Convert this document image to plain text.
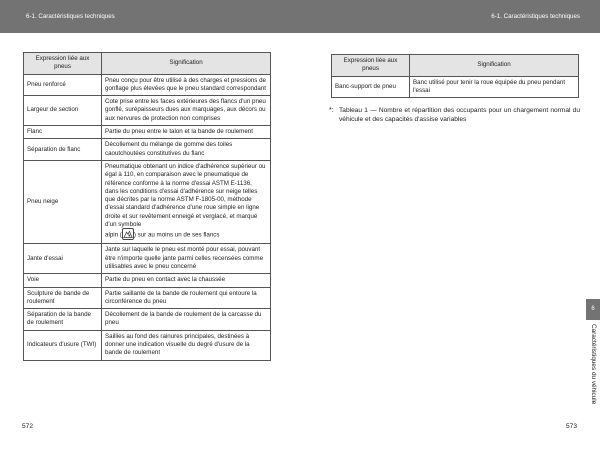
6-1. Caractéristiques techniques
Expression liée aux pneus	Signification
Pneu renforcé	Pneu conçu pour être utilisé à des charges et pressions de gonflage plus élevées que le pneu standard correspondant
Largeur de section	Cote prise entre les faces extérieures des flancs d'un pneu gonflé, surépaisseurs dues aux marquages, aux décors ou aux nervures de protection non comprises
Flanc	Partie du pneu entre le talon et la bande de roulement
Séparation de flanc	Décollement du mélange de gomme des toiles caoutchoutées constitutives du flanc
Pneu neige	Pneumatique obtenant un indice d'adhérence supérieur ou égal à 110, en comparaison avec le pneumatique de référence conforme à la norme d'essai ASTM E-1136, dans les conditions d'essai d'adhérence sur neige telles que décrites par la norme ASTM F-1805-00, méthode d'essai standard d'adhérence d'une roue simple en ligne droite et sur revêtement enneigé et verglacé, et marqué d'un symbole
alpin ( ) sur au moins un de ses flancs
Jante d'essai	Jante sur laquelle le pneu est monté pour essai, pouvant être n'importe quelle jante parmi celles recensées comme utilisables avec le pneu concerné
Voie	Partie du pneu en contact avec la chaussée
Sculpture de bande de roulement	Partie saillante de la bande de roulement qui entoure la circonférence du pneu
Séparation de la bande de roulement	Décollement de la bande de roulement de la carcasse du pneu
Indicateurs d'usure (TWI)	Saillies au fond des rainures principales, destinées à donner une indication visuelle du degré d'usure de la bande de roulement
572
6-1. Caractéristiques techniques
Expression liée aux pneus	Signification
Banc-support de pneu	Banc utilisé pour tenir la roue équipée du pneu pendant l'essai
*: Tableau 1 — Nombre et répartition des occupants pour un chargement normal du véhicule et des capacités d'assise variables
6
Caractéristiques du véhicule
573
